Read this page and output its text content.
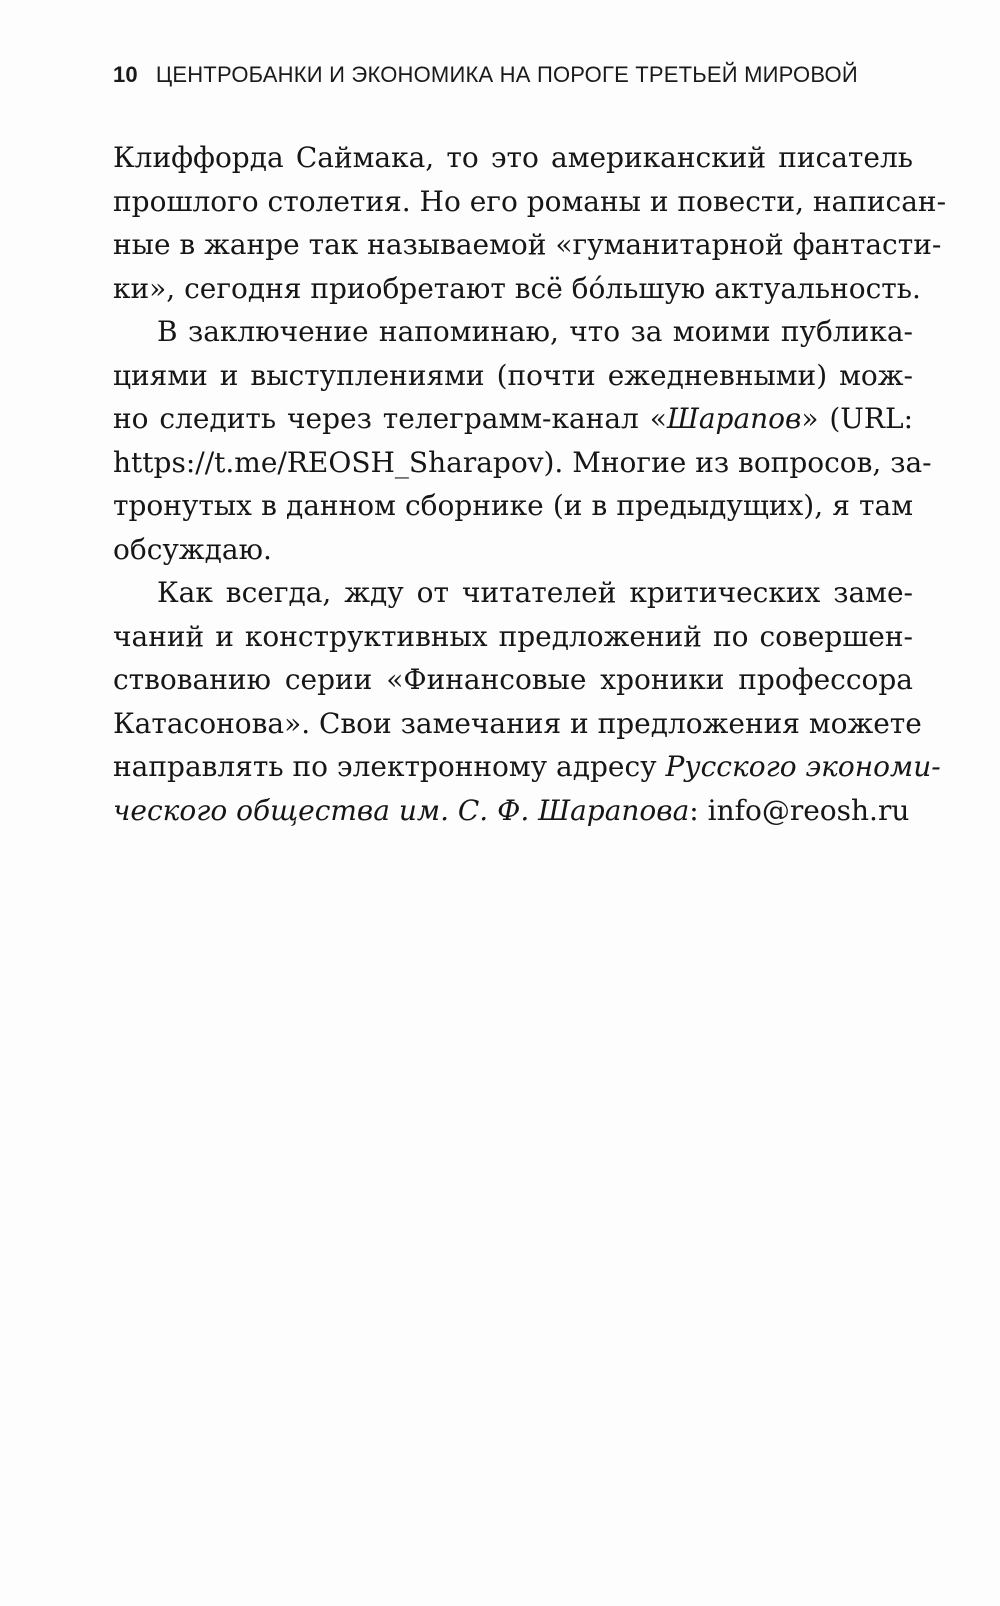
10 ЦЕНТРОБАНКИ И ЭКОНОМИКА НА ПОРОГЕ ТРЕТЬЕЙ МИРОВОЙ
Клиффорда Саймака, то это американский писатель
прошлого столетия. Но его романы и повести, написан-
ные в жанре так называемой «гуманитарной фантасти-
ки», сегодня приобретают всё бóльшую актуальность.
В заключение напоминаю, что за моими публика-
циями и выступлениями (почти ежедневными) мож-
но следить через телеграмм-канал «Шарапов» (URL:
https://t.me/REOSH_Sharapov). Многие из вопросов, за-
тронутых в данном сборнике (и в предыдущих), я там
обсуждаю.
Как всегда, жду от читателей критических заме-
чаний и конструктивных предложений по совершен-
ствованию серии «Финансовые хроники профессора
Катасонова». Свои замечания и предложения можете
направлять по электронному адресу Русского экономи-
ческого общества им. С. Ф. Шарапова: info@reosh.ru
